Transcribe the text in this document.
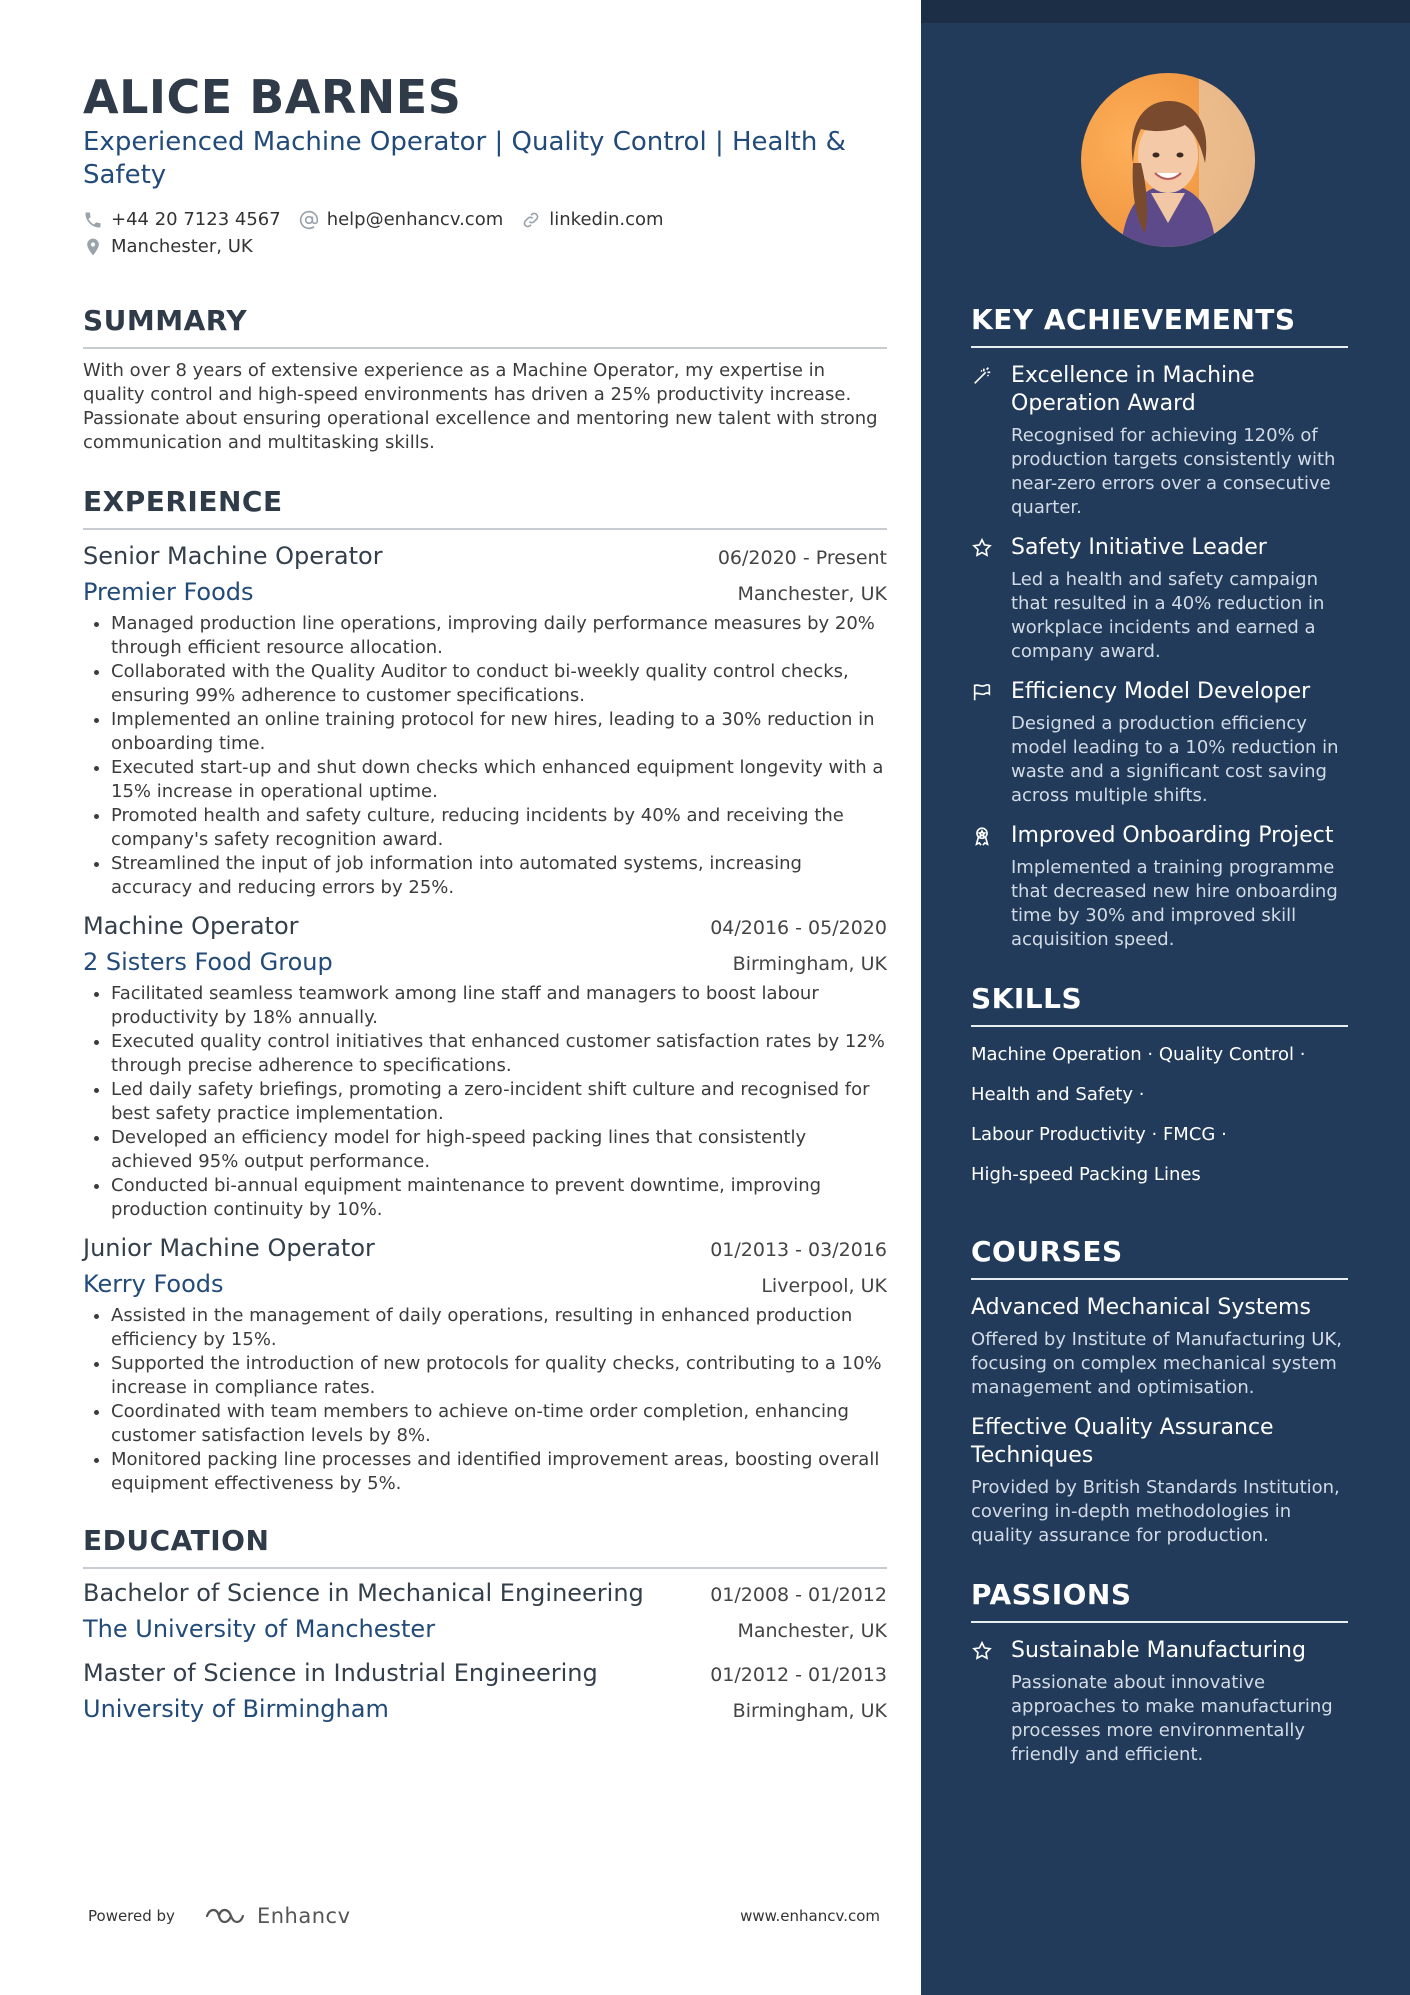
ALICE BARNES
Experienced Machine Operator | Quality Control | Health & Safety
+44 20 7123 4567	help@enhancv.com	linkedin.com
Manchester, UK
SUMMARY
With over 8 years of extensive experience as a Machine Operator, my expertise in quality control and high-speed environments has driven a 25% productivity increase. Passionate about ensuring operational excellence and mentoring new talent with strong communication and multitasking skills.
EXPERIENCE
Senior Machine Operator	06/2020 - Present
Premier Foods	Manchester, UK
• Managed production line operations, improving daily performance measures by 20% through efficient resource allocation.
• Collaborated with the Quality Auditor to conduct bi-weekly quality control checks, ensuring 99% adherence to customer specifications.
• Implemented an online training protocol for new hires, leading to a 30% reduction in onboarding time.
• Executed start-up and shut down checks which enhanced equipment longevity with a 15% increase in operational uptime.
• Promoted health and safety culture, reducing incidents by 40% and receiving the company's safety recognition award.
• Streamlined the input of job information into automated systems, increasing accuracy and reducing errors by 25%.
Machine Operator	04/2016 - 05/2020
2 Sisters Food Group	Birmingham, UK
• Facilitated seamless teamwork among line staff and managers to boost labour productivity by 18% annually.
• Executed quality control initiatives that enhanced customer satisfaction rates by 12% through precise adherence to specifications.
• Led daily safety briefings, promoting a zero-incident shift culture and recognised for best safety practice implementation.
• Developed an efficiency model for high-speed packing lines that consistently achieved 95% output performance.
• Conducted bi-annual equipment maintenance to prevent downtime, improving production continuity by 10%.
Junior Machine Operator	01/2013 - 03/2016
Kerry Foods	Liverpool, UK
• Assisted in the management of daily operations, resulting in enhanced production efficiency by 15%.
• Supported the introduction of new protocols for quality checks, contributing to a 10% increase in compliance rates.
• Coordinated with team members to achieve on-time order completion, enhancing customer satisfaction levels by 8%.
• Monitored packing line processes and identified improvement areas, boosting overall equipment effectiveness by 5%.
EDUCATION
Bachelor of Science in Mechanical Engineering	01/2008 - 01/2012
The University of Manchester	Manchester, UK
Master of Science in Industrial Engineering	01/2012 - 01/2013
University of Birmingham	Birmingham, UK
Powered by	Enhancv	www.enhancv.com
KEY ACHIEVEMENTS
Excellence in Machine Operation Award
Recognised for achieving 120% of production targets consistently with near-zero errors over a consecutive quarter.
Safety Initiative Leader
Led a health and safety campaign that resulted in a 40% reduction in workplace incidents and earned a company award.
Efficiency Model Developer
Designed a production efficiency model leading to a 10% reduction in waste and a significant cost saving across multiple shifts.
Improved Onboarding Project
Implemented a training programme that decreased new hire onboarding time by 30% and improved skill acquisition speed.
SKILLS
Machine Operation · Quality Control ·
Health and Safety ·
Labour Productivity · FMCG ·
High-speed Packing Lines
COURSES
Advanced Mechanical Systems
Offered by Institute of Manufacturing UK, focusing on complex mechanical system management and optimisation.
Effective Quality Assurance Techniques
Provided by British Standards Institution, covering in-depth methodologies in quality assurance for production.
PASSIONS
Sustainable Manufacturing
Passionate about innovative approaches to make manufacturing processes more environmentally friendly and efficient.
